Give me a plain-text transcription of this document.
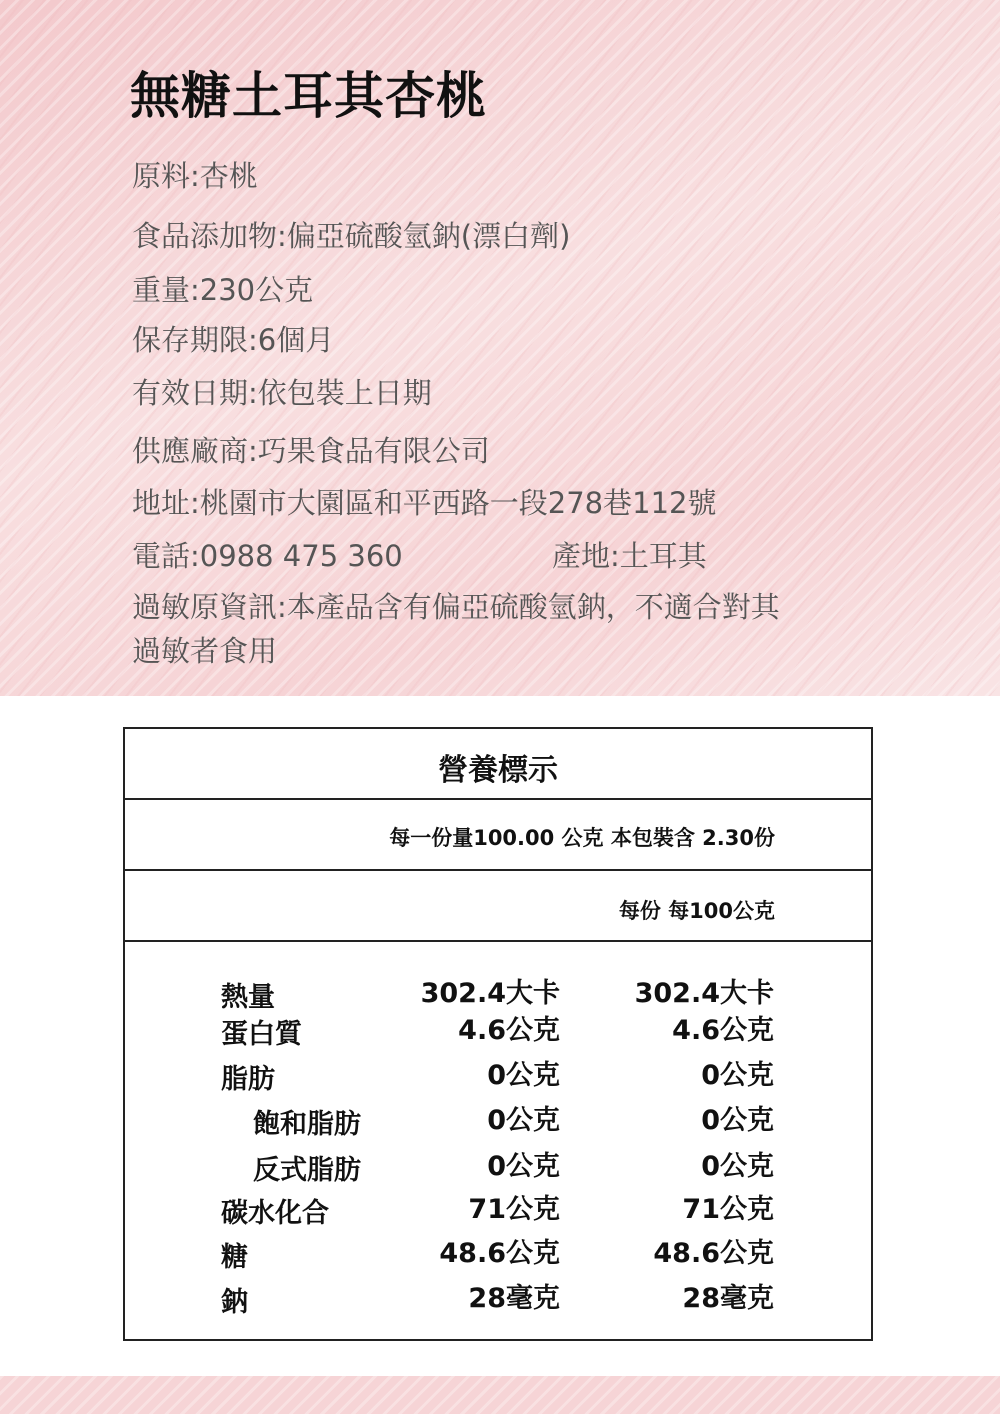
無糖土耳其杏桃
原料:杏桃
食品添加物:偏亞硫酸氫鈉(漂白劑)
重量:230公克
保存期限:6個月
有效日期:依包裝上日期
供應廠商:巧果食品有限公司
地址:桃園市大園區和平西路一段278巷112號
電話:0988 475 360	產地:土耳其
過敏原資訊:本產品含有偏亞硫酸氫鈉，不適合對其
過敏者食用
營養標示
每一份量100.00 公克 本包裝含 2.30份
每份 每100公克
熱量	302.4大卡	302.4大卡
蛋白質	4.6公克	4.6公克
脂肪	0公克	0公克
飽和脂肪	0公克	0公克
反式脂肪	0公克	0公克
碳水化合	71公克	71公克
糖	48.6公克	48.6公克
鈉	28毫克	28毫克
